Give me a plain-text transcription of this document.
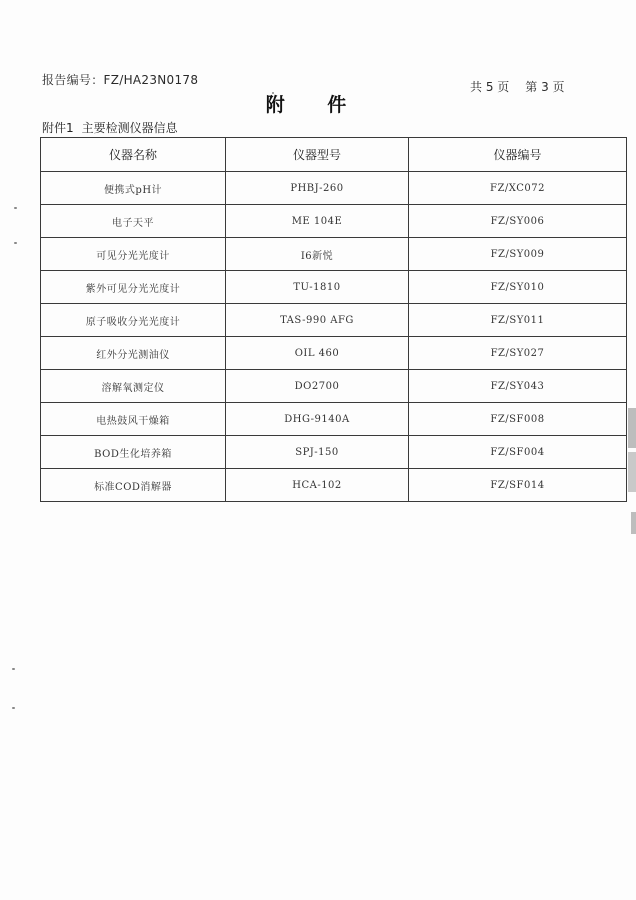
报告编号：FZ/HA23N0178	共 5 页 第 3 页
附 件
附件1 主要检测仪器信息
仪器名称	仪器型号	仪器编号
便携式pH计	PHBJ-260	FZ/XC072
电子天平	ME 104E	FZ/SY006
可见分光光度计	I6新悦	FZ/SY009
紫外可见分光光度计	TU-1810	FZ/SY010
原子吸收分光光度计	TAS-990 AFG	FZ/SY011
红外分光测油仪	OIL 460	FZ/SY027
溶解氧测定仪	DO2700	FZ/SY043
电热鼓风干燥箱	DHG-9140A	FZ/SF008
BOD生化培养箱	SPJ-150	FZ/SF004
标准COD消解器	HCA-102	FZ/SF014
